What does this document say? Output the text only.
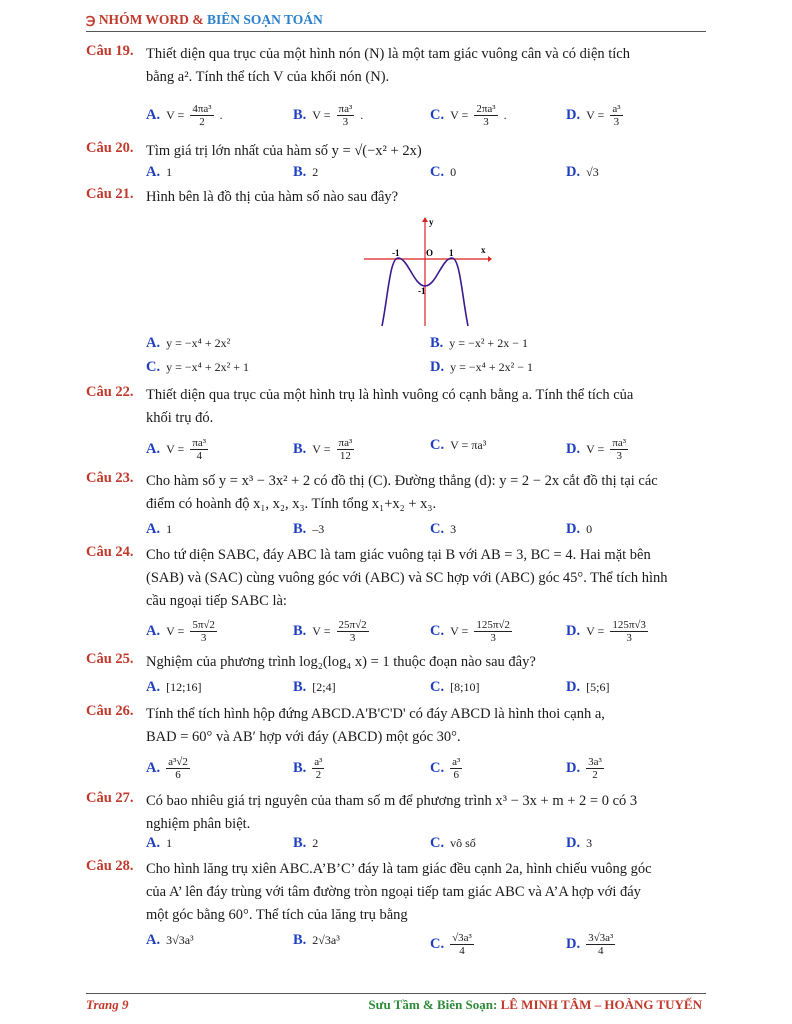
℈ NHÓM WORD & BIÊN SOẠN TOÁN
Câu 19. Thiết diện qua trục của một hình nón (N) là một tam giác vuông cân và có diện tích
bằng a². Tính thể tích V của khối nón (N).
A. $V = \frac{\text{4πa³}}{2}$ .	B. $V = \frac{\text{πa³}}{3}$ .	C. $V = \frac{\text{2πa³}}{3}$ .	D. $V = \frac{\text{a³}}{3}$
Câu 20. Tìm giá trị lớn nhất của hàm số y = √(−x² + 2x)
A. 1	B. 2	C. 0	D. √3
Câu 21. Hình bên là đồ thị của hàm số nào sau đây?
A. y = −x⁴ + 2x²	B. y = −x² + 2x − 1
C. y = −x⁴ + 2x² + 1	D. y = −x⁴ + 2x² − 1
Câu 22. Thiết diện qua trục của một hình trụ là hình vuông có cạnh bằng a. Tính thể tích của
khối trụ đó.
A. $V = \frac{\text{πa³}}{4}$	B. $V = \frac{\text{πa³}}{12}$	C. V = πa³	D. $V = \frac{\text{πa³}}{3}$
Câu 23. Cho hàm số y = x³ − 3x² + 2 có đồ thị (C). Đường thẳng (d): y = 2 − 2x cắt đồ thị tại các
điểm có hoành độ x₁, x₂, x₃. Tính tổng x₁+x₂ + x₃.
A. 1	B. –3	C. 3	D. 0
Câu 24. Cho tứ diện SABC, đáy ABC là tam giác vuông tại B với AB = 3, BC = 4. Hai mặt bên
(SAB) và (SAC) cùng vuông góc với (ABC) và SC hợp với (ABC) góc 45°. Thể tích hình
cầu ngoại tiếp SABC là:
A. $V = \frac{5\pi√2}{3}$	B. $V = \frac{25\pi√2}{3}$	C. $V = \frac{125\pi√2}{3}$	D. $V = \frac{125\pi√3}{3}$
Câu 25. Nghiệm của phương trình log₂(log₄ x) = 1 thuộc đoạn nào sau đây?
A. [12;16]	B. [2;4]	C. [8;10]	D. [5;6]
Câu 26. Tính thể tích hình hộp đứng ABCD.A'B'C'D' có đáy ABCD là hình thoi cạnh a,
BAD = 60° và AB′ hợp với đáy (ABCD) một góc 30°.
A. $\frac{\text{a³√2}}{6}$	B. $\frac{\text{a³}}{2}$	C. $\frac{\text{a³}}{6}$	D. $\frac{\text{3a³}}{2}$
Câu 27. Có bao nhiêu giá trị nguyên của tham số m để phương trình x³ − 3x + m + 2 = 0 có 3
nghiệm phân biệt.
A. 1	B. 2	C. vô số	D. 3
Câu 28. Cho hình lăng trụ xiên ABC.A’B’C’ đáy là tam giác đều cạnh 2a, hình chiếu vuông góc
của A’ lên đáy trùng với tâm đường tròn ngoại tiếp tam giác ABC và A’A hợp với đáy
một góc bằng 60°. Thể tích của lăng trụ bằng
A. 3√3a³	B. 2√3a³	C. $\frac{\text{√3a³}}{4}$	D. $\frac{\text{3√3a³}}{4}$
x
y
O
-1	1
-1
Trang 9	Sưu Tầm & Biên Soạn: LÊ MINH TÂM – HOÀNG TUYẾN
